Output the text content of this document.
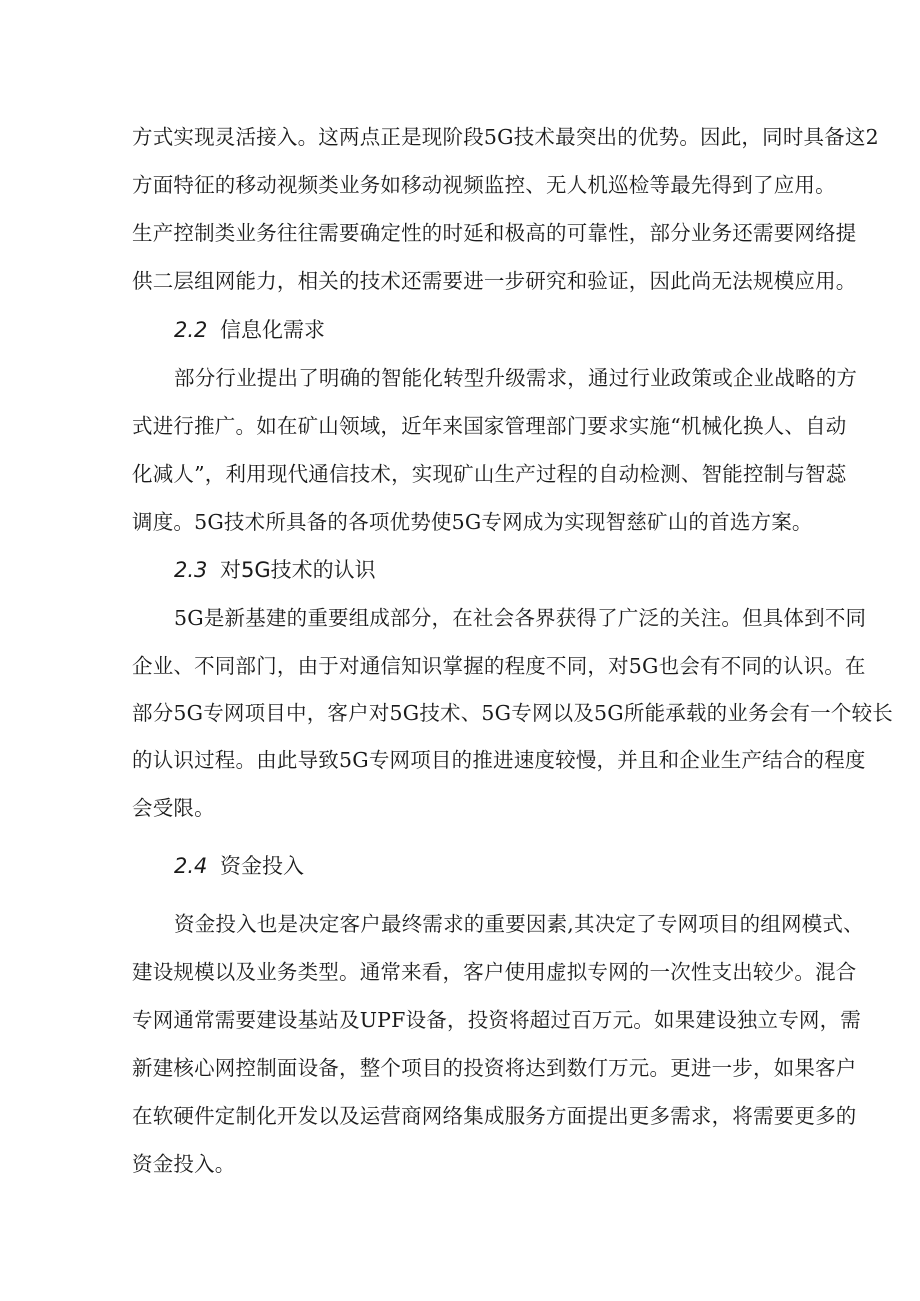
方式实现灵活接入。这两点正是现阶段5G技术最突出的优势。因此，同时具备这2
方面特征的移动视频类业务如移动视频监控、无人机巡检等最先得到了应用。
生产控制类业务往往需要确定性的时延和极高的可靠性，部分业务还需要网络提
供二层组网能力，相关的技术还需要进一步研究和验证，因此尚无法规模应用。
2.2 信息化需求
部分行业提出了明确的智能化转型升级需求，通过行业政策或企业战略的方
式进行推广。如在矿山领域，近年来国家管理部门要求实施“机械化换人、自动
化减人”，利用现代通信技术，实现矿山生产过程的自动检测、智能控制与智蕊
调度。5G技术所具备的各项优势使5G专网成为实现智慈矿山的首选方案。
2.3 对5G技术的认识
5G是新基建的重要组成部分，在社会各界获得了广泛的关注。但具体到不同
企业、不同部门，由于对通信知识掌握的程度不同，对5G也会有不同的认识。在
部分5G专网项目中，客户对5G技术、5G专网以及5G所能承载的业务会有一个较长
的认识过程。由此导致5G专网项目的推进速度较慢，并且和企业生产结合的程度
会受限。
2.4 资金投入
资金投入也是决定客户最终需求的重要因素,其决定了专网项目的组网模式、
建设规模以及业务类型。通常来看，客户使用虚拟专网的一次性支出较少。混合
专网通常需要建设基站及UPF设备，投资将超过百万元。如果建设独立专网，需
新建核心网控制面设备，整个项目的投资将达到数仃万元。更进一步，如果客户
在软硬件定制化开发以及运营商网络集成服务方面提出更多需求，将需要更多的
资金投入。
